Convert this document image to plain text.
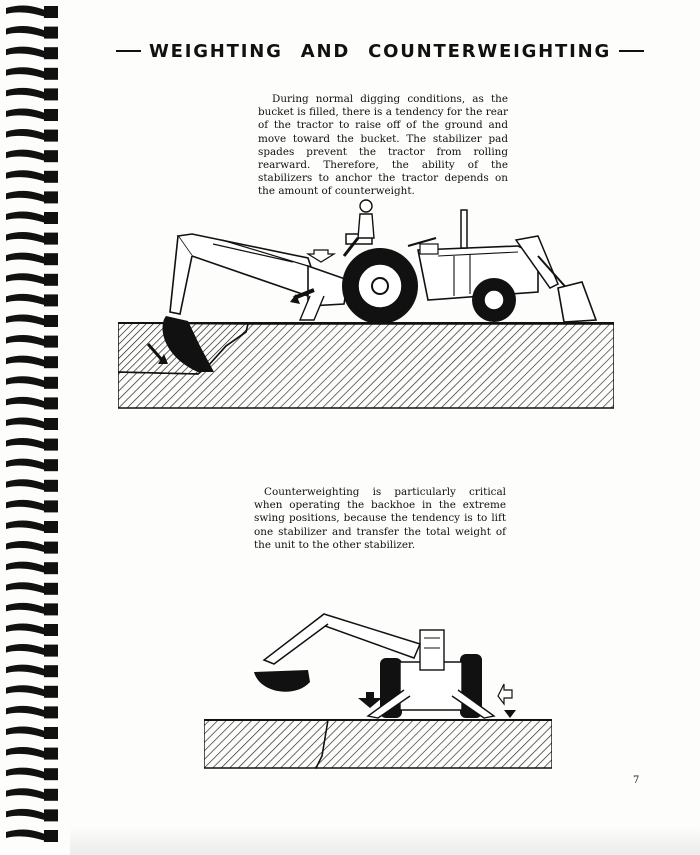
WEIGHTING AND COUNTERWEIGHTING
During normal digging conditions, as the bucket is filled, there is a tendency for the rear of the tractor to raise off of the ground and move toward the bucket. The stabilizer pad spades prevent the tractor from rolling rearward. Therefore, the ability of the stabilizers to anchor the tractor depends on the amount of counterweight.
Counterweighting is particularly critical when operating the backhoe in the extreme swing positions, because the tendency is to lift one stabilizer and transfer the total weight of the unit to the other stabilizer.
7
